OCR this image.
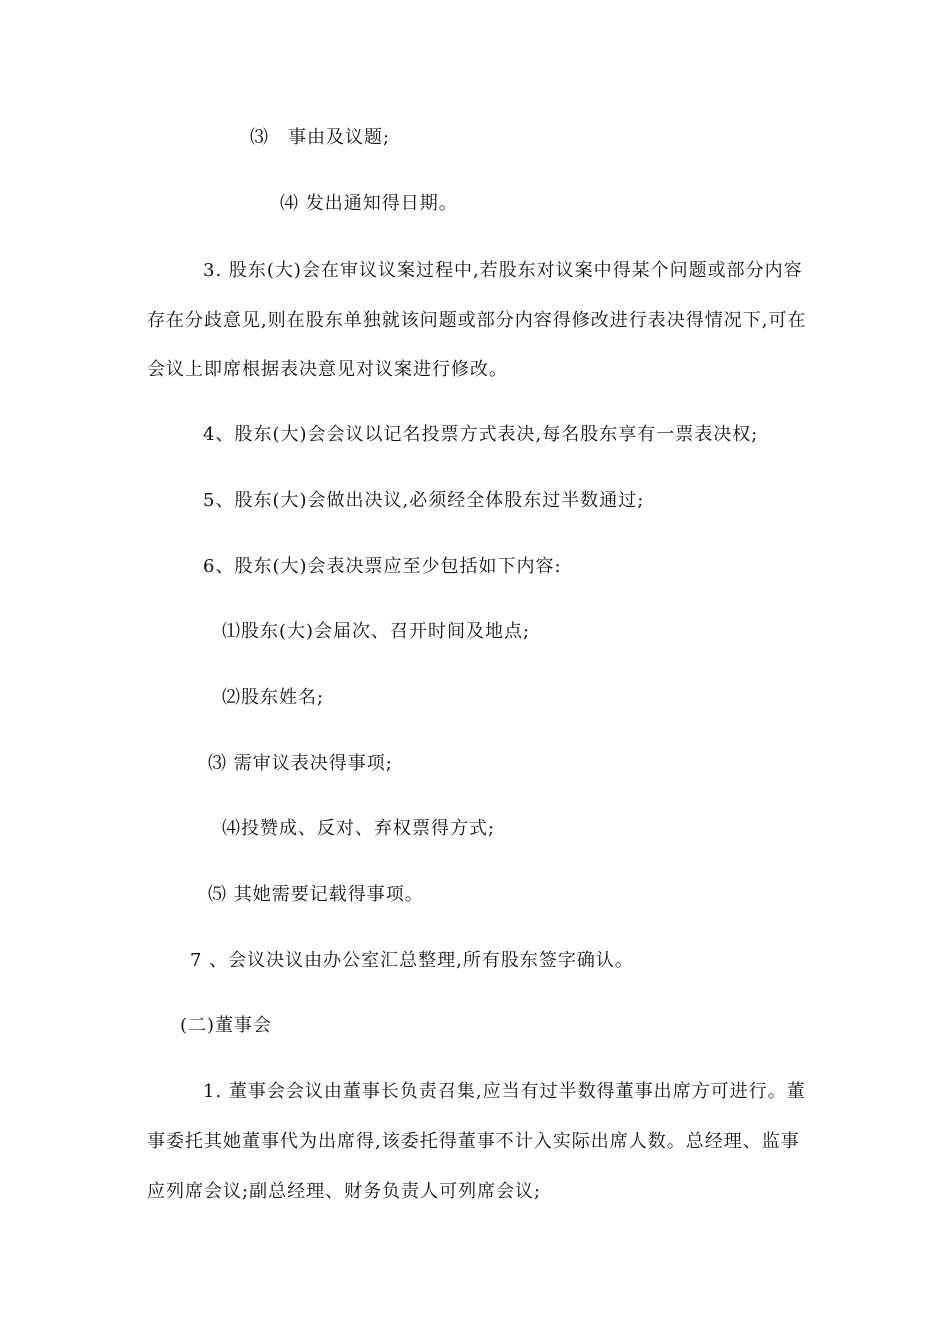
⑶　事由及议题;
⑷ 发出通知得日期。
3. 股东(大)会在审议议案过程中,若股东对议案中得某个问题或部分内容
存在分歧意见,则在股东单独就该问题或部分内容得修改进行表决得情况下,可在
会议上即席根据表决意见对议案进行修改。
4、股东(大)会会议以记名投票方式表决,每名股东享有一票表决权;
5、股东(大)会做出决议,必须经全体股东过半数通过;
6、股东(大)会表决票应至少包括如下内容:
⑴股东(大)会届次、召开时间及地点;
⑵股东姓名;
⑶ 需审议表决得事项;
⑷投赞成、反对、弃权票得方式;
⑸ 其她需要记载得事项。
7 、会议决议由办公室汇总整理,所有股东签字确认。
(二)董事会
1. 董事会会议由董事长负责召集,应当有过半数得董事出席方可进行。董
事委托其她董事代为出席得,该委托得董事不计入实际出席人数。总经理、监事
应列席会议;副总经理、财务负责人可列席会议;
